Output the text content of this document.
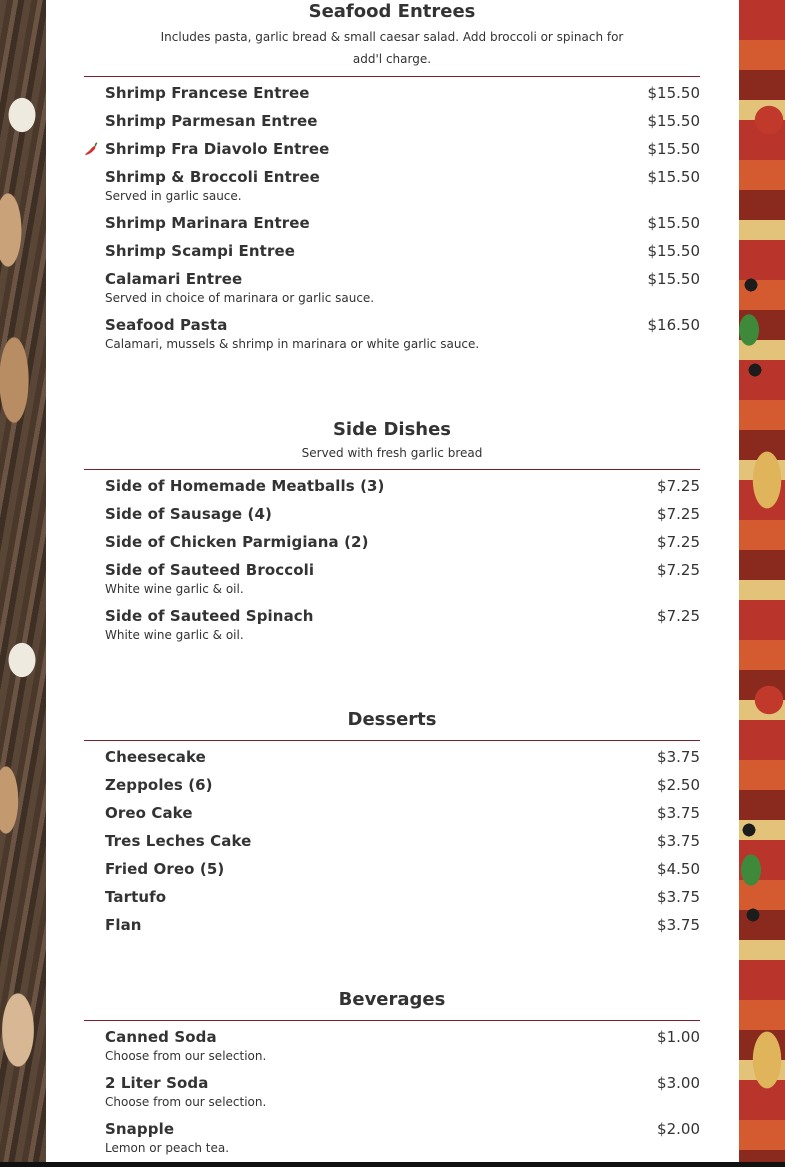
Seafood Entrees

Includes pasta, garlic bread & small caesar salad. Add broccoli or spinach for add'l charge.

Shrimp Francese Entree	$15.50
Shrimp Parmesan Entree	$15.50
Shrimp Fra Diavolo Entree	$15.50
Shrimp & Broccoli Entree	$15.50
Served in garlic sauce.
Shrimp Marinara Entree	$15.50
Shrimp Scampi Entree	$15.50
Calamari Entree	$15.50
Served in choice of marinara or garlic sauce.
Seafood Pasta	$16.50
Calamari, mussels & shrimp in marinara or white garlic sauce.
Side Dishes

Served with fresh garlic bread

Side of Homemade Meatballs (3)	$7.25
Side of Sausage (4)	$7.25
Side of Chicken Parmigiana (2)	$7.25
Side of Sauteed Broccoli	$7.25
White wine garlic & oil.
Side of Sauteed Spinach	$7.25
White wine garlic & oil.
Desserts
Cheesecake	$3.75
Zeppoles (6)	$2.50
Oreo Cake	$3.75
Tres Leches Cake	$3.75
Fried Oreo (5)	$4.50
Tartufo	$3.75
Flan	$3.75
Beverages
Canned Soda	$1.00
Choose from our selection.
2 Liter Soda	$3.00
Choose from our selection.
Snapple	$2.00
Lemon or peach tea.
